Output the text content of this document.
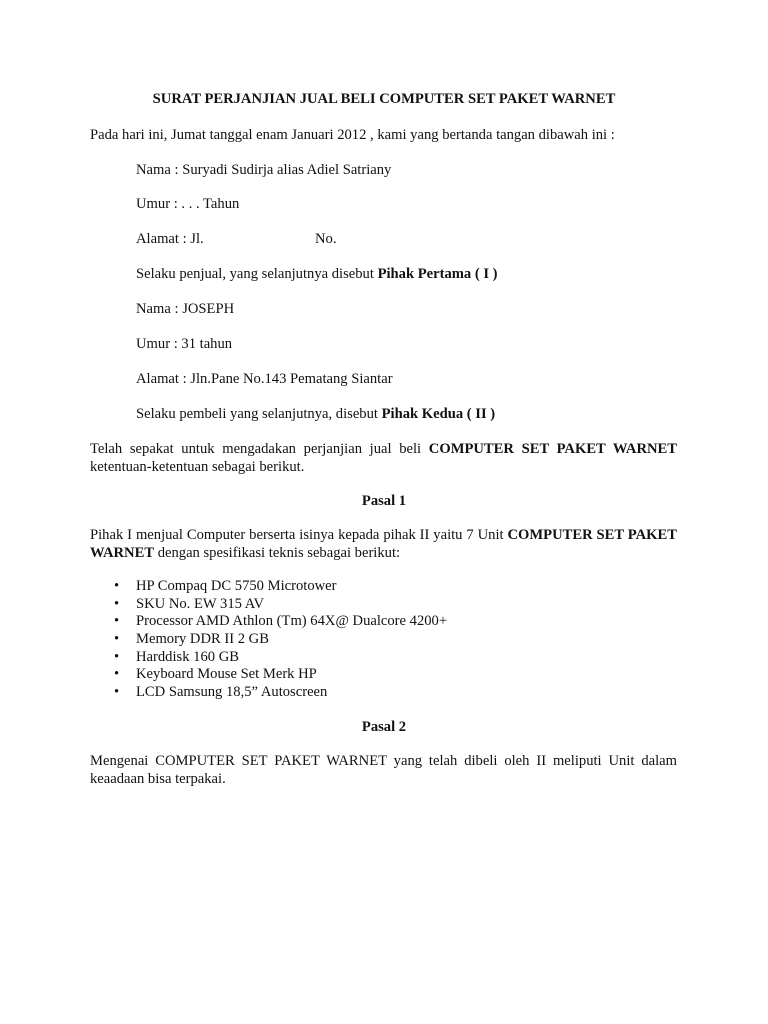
SURAT PERJANJIAN JUAL BELI COMPUTER SET PAKET WARNET
Pada hari ini, Jumat tanggal enam Januari 2012 , kami yang bertanda tangan dibawah ini :
Nama : Suryadi Sudirja alias Adiel Satriany
Umur : . . . Tahun
Alamat : Jl.	No.
Selaku penjual, yang selanjutnya disebut Pihak Pertama ( I )
Nama : JOSEPH
Umur : 31 tahun
Alamat : Jln.Pane No.143 Pematang Siantar
Selaku pembeli yang selanjutnya, disebut Pihak Kedua ( II )
Telah sepakat untuk mengadakan perjanjian jual beli COMPUTER SET PAKET WARNET ketentuan-ketentuan sebagai berikut.
Pasal 1
Pihak I menjual Computer berserta isinya kepada pihak II yaitu 7 Unit COMPUTER SET PAKET WARNET dengan spesifikasi teknis sebagai berikut:
• HP Compaq DC 5750 Microtower
• SKU No. EW 315 AV
• Processor AMD Athlon (Tm) 64X@ Dualcore 4200+
• Memory DDR II 2 GB
• Harddisk 160 GB
• Keyboard Mouse Set Merk HP
• LCD Samsung 18,5” Autoscreen
Pasal 2
Mengenai COMPUTER SET PAKET WARNET yang telah dibeli oleh II meliputi Unit dalam keaadaan bisa terpakai.
